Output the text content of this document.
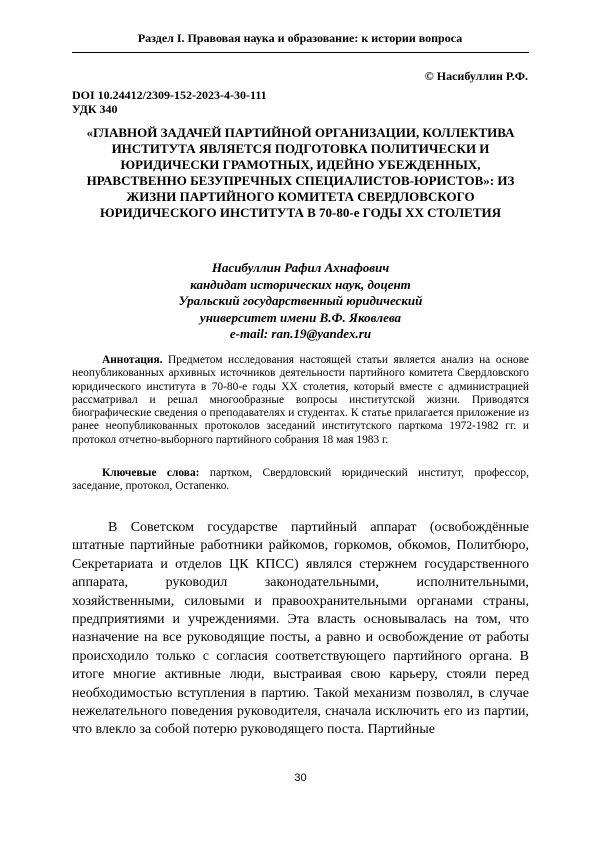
Раздел I. Правовая наука и образование: к истории вопроса
© Насибуллин Р.Ф.
DOI 10.24412/2309-152-2023-4-30-111
УДК 340
«ГЛАВНОЙ ЗАДАЧЕЙ ПАРТИЙНОЙ ОРГАНИЗАЦИИ, КОЛЛЕКТИВА ИНСТИТУТА ЯВЛЯЕТСЯ ПОДГОТОВКА ПОЛИТИЧЕСКИ И ЮРИДИЧЕСКИ ГРАМОТНЫХ, ИДЕЙНО УБЕЖДЕННЫХ, НРАВСТВЕННО БЕЗУПРЕЧНЫХ СПЕЦИАЛИСТОВ-ЮРИСТОВ»: ИЗ ЖИЗНИ ПАРТИЙНОГО КОМИТЕТА СВЕРДЛОВСКОГО ЮРИДИЧЕСКОГО ИНСТИТУТА В 70-80-е ГОДЫ XX СТОЛЕТИЯ
Насибуллин Рафил Ахнафович
кандидат исторических наук, доцент
Уральский государственный юридический
университет имени В.Ф. Яковлева
e-mail: ran.19@yandex.ru

Аннотация. Предметом исследования настоящей статьи является анализ на основе неопубликованных архивных источников деятельности партийного комитета Свердловского юридического института в 70-80-е годы XX столетия, который вместе с администрацией рассматривал и решал многообразные вопросы институтской жизни. Приводятся биографические сведения о преподавателях и студентах. К статье прилагается приложение из ранее неопубликованных протоколов заседаний институтского парткома 1972-1982 гг. и протокол отчетно-выборного партийного собрания 18 мая 1983 г.

Ключевые слова: партком, Свердловский юридический институт, профессор, заседание, протокол, Остапенко.

В Советском государстве партийный аппарат (освобождённые штатные партийные работники райкомов, горкомов, обкомов, Политбюро, Секретариата и отделов ЦК КПСС) являлся стержнем государственного аппарата, руководил законодательными, исполнительными, хозяйственными, силовыми и правоохранительными органами страны, предприятиями и учреждениями. Эта власть основывалась на том, что назначение на все руководящие посты, а равно и освобождение от работы происходило только с согласия соответствующего партийного органа. В итоге многие активные люди, выстраивая свою карьеру, стояли перед необходимостью вступления в партию. Такой механизм позволял, в случае нежелательного поведения руководителя, сначала исключить его из партии, что влекло за собой потерю руководящего поста. Партийные

30
